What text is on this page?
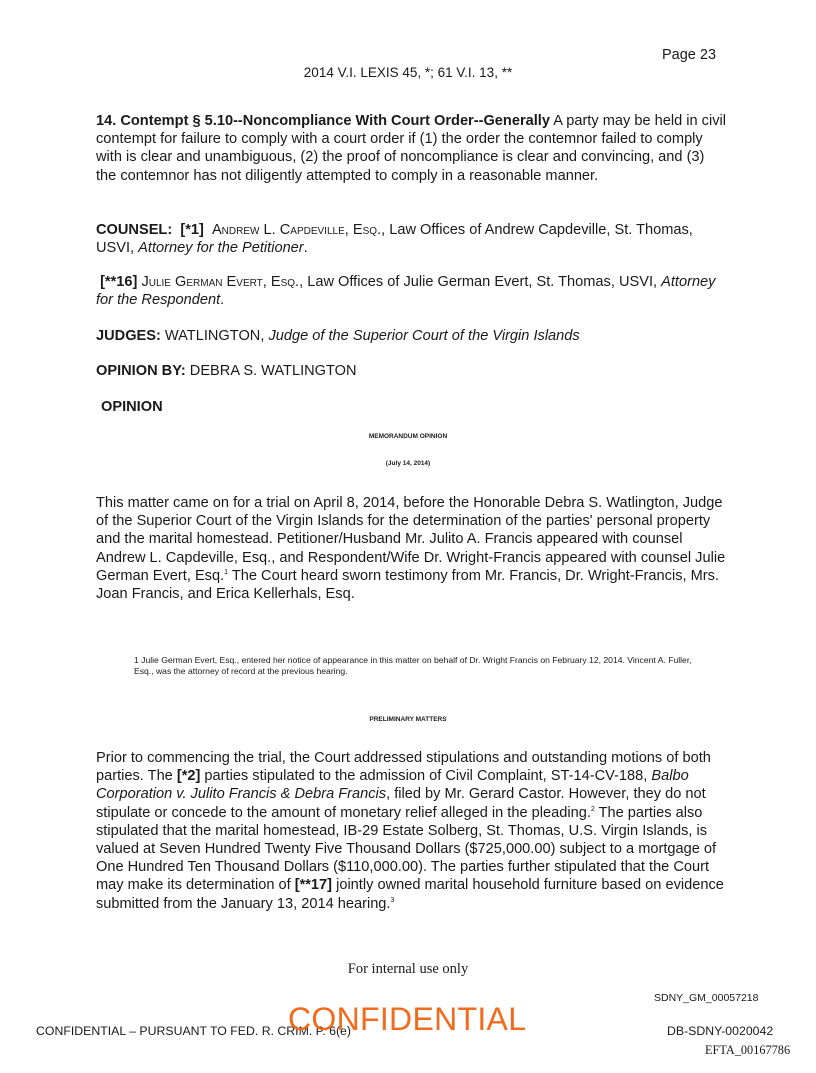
Page 23
2014 V.I. LEXIS 45, *; 61 V.I. 13, **
14. Contempt § 5.10--Noncompliance With Court Order--Generally A party may be held in civil contempt for failure to comply with a court order if (1) the order the contemnor failed to comply with is clear and unambiguous, (2) the proof of noncompliance is clear and convincing, and (3) the contemnor has not diligently attempted to comply in a reasonable manner.
COUNSEL: [*1] Andrew L. Capdeville, Esq., Law Offices of Andrew Capdeville, St. Thomas, USVI, Attorney for the Petitioner.
[**16] Julie German Evert, Esq., Law Offices of Julie German Evert, St. Thomas, USVI, Attorney for the Respondent.
JUDGES: WATLINGTON, Judge of the Superior Court of the Virgin Islands
OPINION BY: DEBRA S. WATLINGTON
OPINION
MEMORANDUM OPINION
(July 14, 2014)
This matter came on for a trial on April 8, 2014, before the Honorable Debra S. Watlington, Judge of the Superior Court of the Virgin Islands for the determination of the parties' personal property and the marital homestead. Petitioner/Husband Mr. Julito A. Francis appeared with counsel Andrew L. Capdeville, Esq., and Respondent/Wife Dr. Wright-Francis appeared with counsel Julie German Evert, Esq.$^1$ The Court heard sworn testimony from Mr. Francis, Dr. Wright-Francis, Mrs. Joan Francis, and Erica Kellerhals, Esq.
1 Julie German Evert, Esq., entered her notice of appearance in this matter on behalf of Dr. Wright Francis on February 12, 2014. Vincent A. Fuller, Esq., was the attorney of record at the previous hearing.
PRELIMINARY MATTERS
Prior to commencing the trial, the Court addressed stipulations and outstanding motions of both parties. The [*2] parties stipulated to the admission of Civil Complaint, ST-14-CV-188, Balbo Corporation v. Julito Francis & Debra Francis, filed by Mr. Gerard Castor. However, they do not stipulate or concede to the amount of monetary relief alleged in the pleading.$^2$ The parties also stipulated that the marital homestead, IB-29 Estate Solberg, St. Thomas, U.S. Virgin Islands, is valued at Seven Hundred Twenty Five Thousand Dollars ($725,000.00) subject to a mortgage of One Hundred Ten Thousand Dollars ($110,000.00). The parties further stipulated that the Court may make its determination of [**17] jointly owned marital household furniture based on evidence submitted from the January 13, 2014 hearing.$^3$
For internal use only
SDNY_GM_00057218
CONFIDENTIAL – PURSUANT TO FED. R. CRIM. P. 6(e)
CONFIDENTIAL	DB-SDNY-0020042
EFTA_00167786
